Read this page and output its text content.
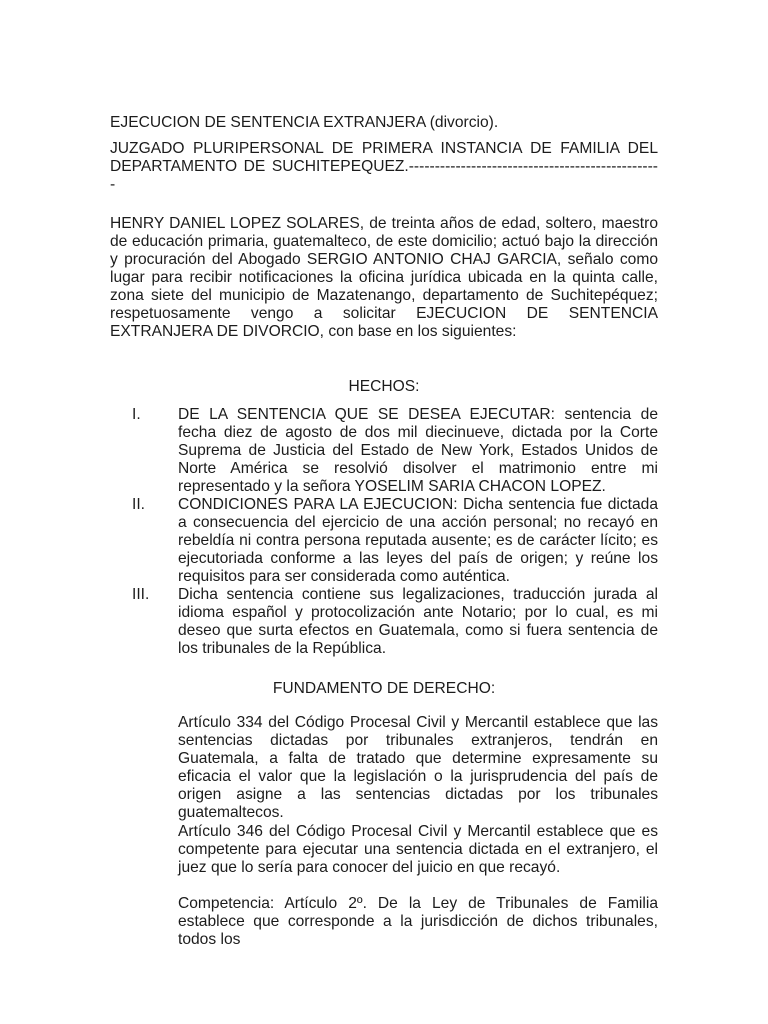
EJECUCION DE SENTENCIA EXTRANJERA (divorcio).

JUZGADO PLURIPERSONAL DE PRIMERA INSTANCIA DE FAMILIA DEL DEPARTAMENTO DE SUCHITEPEQUEZ.-------------------------------------------------

HENRY DANIEL LOPEZ SOLARES, de treinta años de edad, soltero, maestro de educación primaria, guatemalteco, de este domicilio; actuó bajo la dirección y procuración del Abogado SERGIO ANTONIO CHAJ GARCIA, señalo como lugar para recibir notificaciones la oficina jurídica ubicada en la quinta calle, zona siete del municipio de Mazatenango, departamento de Suchitepéquez; respetuosamente vengo a solicitar EJECUCION DE SENTENCIA EXTRANJERA DE DIVORCIO, con base en los siguientes:

HECHOS:

I. DE LA SENTENCIA QUE SE DESEA EJECUTAR: sentencia de fecha diez de agosto de dos mil diecinueve, dictada por la Corte Suprema de Justicia del Estado de New York, Estados Unidos de Norte América se resolvió disolver el matrimonio entre mi representado y la señora YOSELIM SARIA CHACON LOPEZ.
II. CONDICIONES PARA LA EJECUCION: Dicha sentencia fue dictada a consecuencia del ejercicio de una acción personal; no recayó en rebeldía ni contra persona reputada ausente; es de carácter lícito; es ejecutoriada conforme a las leyes del país de origen; y reúne los requisitos para ser considerada como auténtica.
III. Dicha sentencia contiene sus legalizaciones, traducción jurada al idioma español y protocolización ante Notario; por lo cual, es mi deseo que surta efectos en Guatemala, como si fuera sentencia de los tribunales de la República.

FUNDAMENTO DE DERECHO:

Artículo 334 del Código Procesal Civil y Mercantil establece que las sentencias dictadas por tribunales extranjeros, tendrán en Guatemala, a falta de tratado que determine expresamente su eficacia el valor que la legislación o la jurisprudencia del país de origen asigne a las sentencias dictadas por los tribunales guatemaltecos.

Artículo 346 del Código Procesal Civil y Mercantil establece que es competente para ejecutar una sentencia dictada en el extranjero, el juez que lo sería para conocer del juicio en que recayó.

Competencia: Artículo 2º. De la Ley de Tribunales de Familia establece que corresponde a la jurisdicción de dichos tribunales, todos los
